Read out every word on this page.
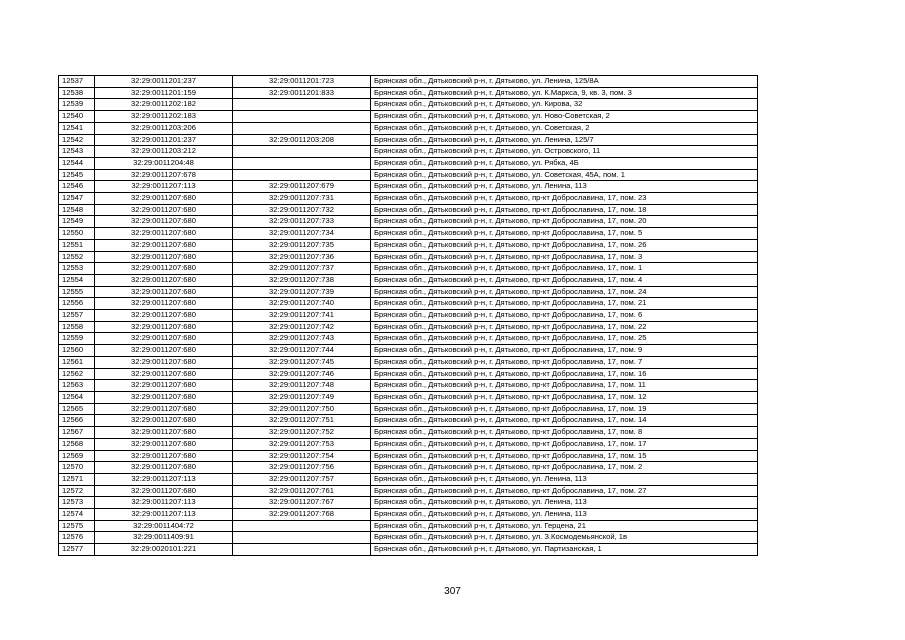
12537	32:29:0011201:237	32:29:0011201:723	Брянская обл., Дятьковский р-н, г. Дятьково, ул. Ленина, 125/8А
12538	32:29:0011201:159	32:29:0011201:833	Брянская обл., Дятьковский р-н, г. Дятьково, ул. К.Маркса, 9, кв. 3, пом. 3
12539	32:29:0011202:182		Брянская обл., Дятьковский р-н, г. Дятьково, ул. Кирова, 32
12540	32:29:0011202:183		Брянская обл., Дятьковский р-н, г. Дятьково, ул. Ново-Советская, 2
12541	32:29:0011203:206		Брянская обл., Дятьковский р-н, г. Дятьково, ул. Советская, 2
12542	32:29:0011201:237	32:29:0011203:208	Брянская обл., Дятьковский р-н, г. Дятьково, ул. Ленина, 125/7
12543	32:29:0011203:212		Брянская обл., Дятьковский р-н, г. Дятьково, ул. Островского, 11
12544	32:29:0011204:48		Брянская обл., Дятьковский р-н, г. Дятьково, ул. Рябка, 4Б
12545	32:29:0011207:678		Брянская обл., Дятьковский р-н, г. Дятьково, ул. Советская, 45А, пом. 1
12546	32:29:0011207:113	32:29:0011207:679	Брянская обл., Дятьковский р-н, г. Дятьково, ул. Ленина, 113
12547	32:29:0011207:680	32:29:0011207:731	Брянская обл., Дятьковский р-н, г. Дятьково, пр-кт Доброславина, 17, пом. 23
12548	32:29:0011207:680	32:29:0011207:732	Брянская обл., Дятьковский р-н, г. Дятьково, пр-кт Доброславина, 17, пом. 18
12549	32:29:0011207:680	32:29:0011207:733	Брянская обл., Дятьковский р-н, г. Дятьково, пр-кт Доброславина, 17, пом. 20
12550	32:29:0011207:680	32:29:0011207:734	Брянская обл., Дятьковский р-н, г. Дятьково, пр-кт Доброславина, 17, пом. 5
12551	32:29:0011207:680	32:29:0011207:735	Брянская обл., Дятьковский р-н, г. Дятьково, пр-кт Доброславина, 17, пом. 26
12552	32:29:0011207:680	32:29:0011207:736	Брянская обл., Дятьковский р-н, г. Дятьково, пр-кт Доброславина, 17, пом. 3
12553	32:29:0011207:680	32:29:0011207:737	Брянская обл., Дятьковский р-н, г. Дятьково, пр-кт Доброславина, 17, пом. 1
12554	32:29:0011207:680	32:29:0011207:738	Брянская обл., Дятьковский р-н, г. Дятьково, пр-кт Доброславина, 17, пом. 4
12555	32:29:0011207:680	32:29:0011207:739	Брянская обл., Дятьковский р-н, г. Дятьково, пр-кт Доброславина, 17, пом. 24
12556	32:29:0011207:680	32:29:0011207:740	Брянская обл., Дятьковский р-н, г. Дятьково, пр-кт Доброславина, 17, пом. 21
12557	32:29:0011207:680	32:29:0011207:741	Брянская обл., Дятьковский р-н, г. Дятьково, пр-кт Доброславина, 17, пом. 6
12558	32:29:0011207:680	32:29:0011207:742	Брянская обл., Дятьковский р-н, г. Дятьково, пр-кт Доброславина, 17, пом. 22
12559	32:29:0011207:680	32:29:0011207:743	Брянская обл., Дятьковский р-н, г. Дятьково, пр-кт Доброславина, 17, пом. 25
12560	32:29:0011207:680	32:29:0011207:744	Брянская обл., Дятьковский р-н, г. Дятьково, пр-кт Доброславина, 17, пом. 9
12561	32:29:0011207:680	32:29:0011207:745	Брянская обл., Дятьковский р-н, г. Дятьково, пр-кт Доброславина, 17, пом. 7
12562	32:29:0011207:680	32:29:0011207:746	Брянская обл., Дятьковский р-н, г. Дятьково, пр-кт Доброславина, 17, пом. 16
12563	32:29:0011207:680	32:29:0011207:748	Брянская обл., Дятьковский р-н, г. Дятьково, пр-кт Доброславина, 17, пом. 11
12564	32:29:0011207:680	32:29:0011207:749	Брянская обл., Дятьковский р-н, г. Дятьково, пр-кт Доброславина, 17, пом. 12
12565	32:29:0011207:680	32:29:0011207:750	Брянская обл., Дятьковский р-н, г. Дятьково, пр-кт Доброславина, 17, пом. 19
12566	32:29:0011207:680	32:29:0011207:751	Брянская обл., Дятьковский р-н, г. Дятьково, пр-кт Доброславина, 17, пом. 14
12567	32:29:0011207:680	32:29:0011207:752	Брянская обл., Дятьковский р-н, г. Дятьково, пр-кт Доброславина, 17, пом. 8
12568	32:29:0011207:680	32:29:0011207:753	Брянская обл., Дятьковский р-н, г. Дятьково, пр-кт Доброславина, 17, пом. 17
12569	32:29:0011207:680	32:29:0011207:754	Брянская обл., Дятьковский р-н, г. Дятьково, пр-кт Доброславина, 17, пом. 15
12570	32:29:0011207:680	32:29:0011207:756	Брянская обл., Дятьковский р-н, г. Дятьково, пр-кт Доброславина, 17, пом. 2
12571	32:29:0011207:113	32:29:0011207:757	Брянская обл., Дятьковский р-н, г. Дятьково, ул. Ленина, 113
12572	32:29:0011207:680	32:29:0011207:761	Брянская обл., Дятьковский р-н, г. Дятьково, пр-кт Доброславина, 17, пом. 27
12573	32:29:0011207:113	32:29:0011207:767	Брянская обл., Дятьковский р-н, г. Дятьково, ул. Ленина, 113
12574	32:29:0011207:113	32:29:0011207:768	Брянская обл., Дятьковский р-н, г. Дятьково, ул. Ленина, 113
12575	32:29:0011404:72		Брянская обл., Дятьковский р-н, г. Дятьково, ул. Герцена, 21
12576	32:29:0011409:91		Брянская обл., Дятьковский р-н, г. Дятьково, ул. З.Космодемьянской, 1в
12577	32:29:0020101:221		Брянская обл., Дятьковский р-н, г. Дятьково, ул. Партизанская, 1
307
